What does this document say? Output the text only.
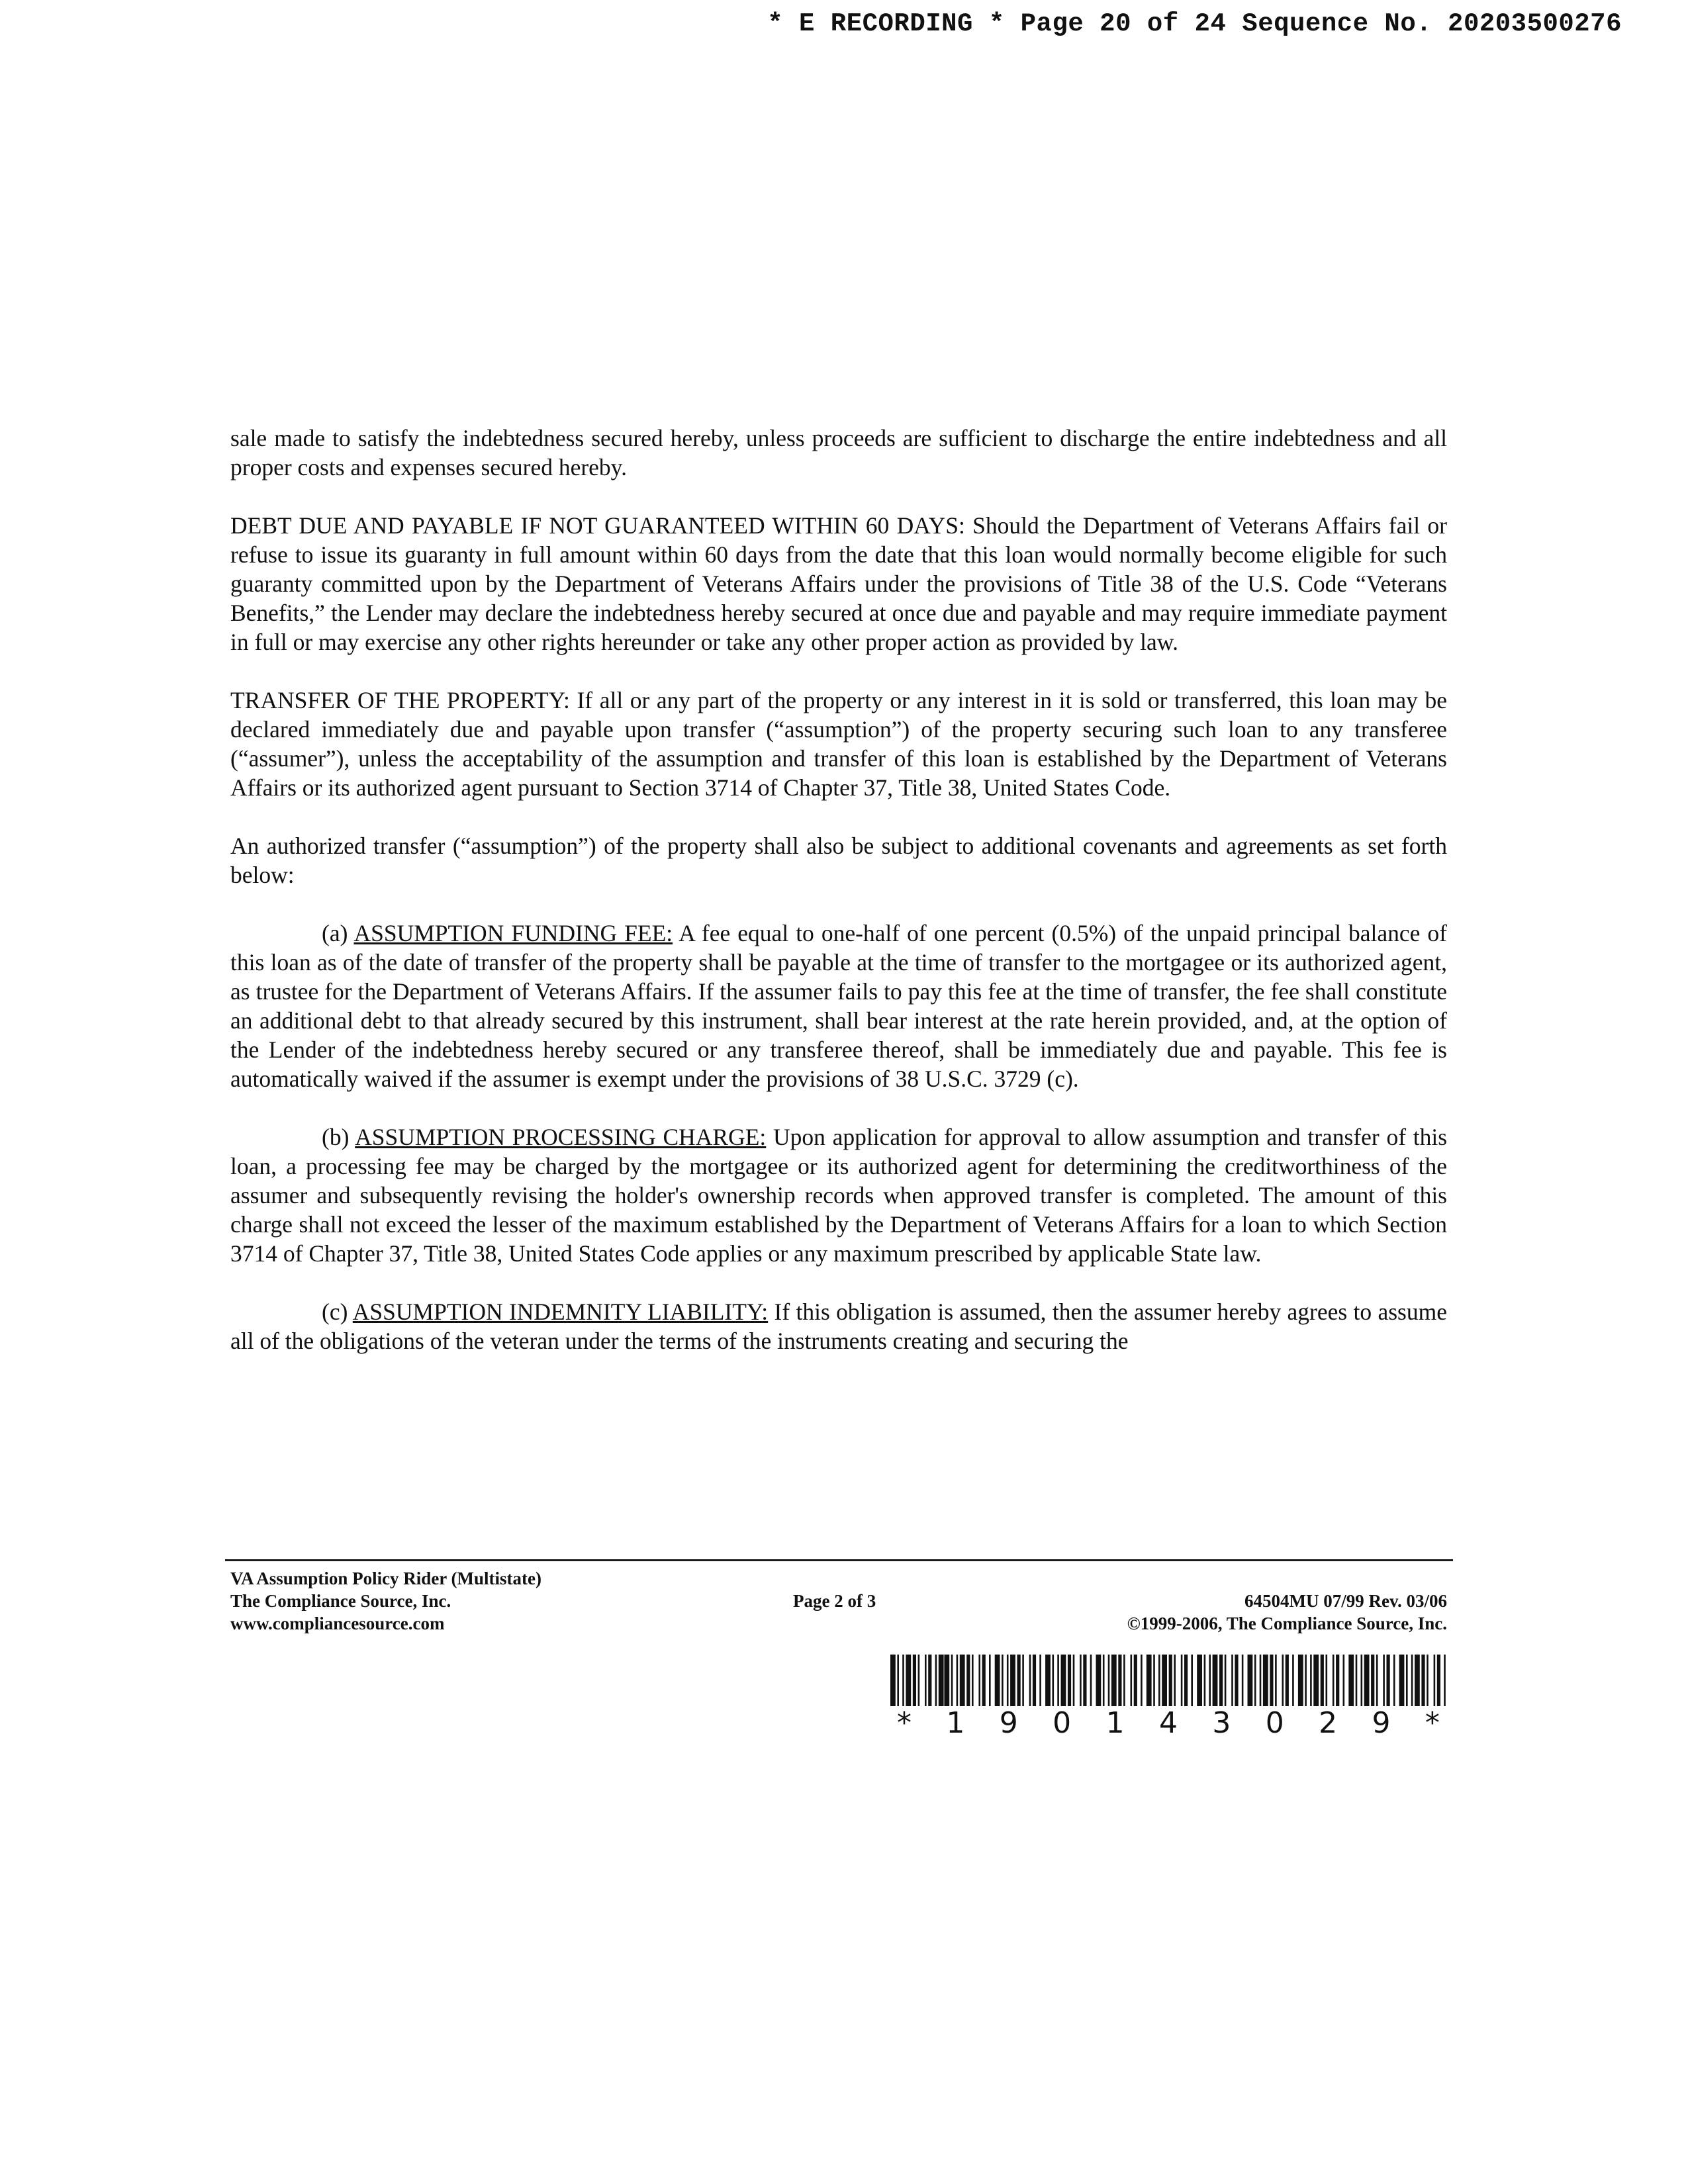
* E RECORDING * Page 20 of 24 Sequence No. 20203500276

sale made to satisfy the indebtedness secured hereby, unless proceeds are sufficient to discharge the entire indebtedness and all proper costs and expenses secured hereby.

DEBT DUE AND PAYABLE IF NOT GUARANTEED WITHIN 60 DAYS: Should the Department of Veterans Affairs fail or refuse to issue its guaranty in full amount within 60 days from the date that this loan would normally become eligible for such guaranty committed upon by the Department of Veterans Affairs under the provisions of Title 38 of the U.S. Code “Veterans Benefits,” the Lender may declare the indebtedness hereby secured at once due and payable and may require immediate payment in full or may exercise any other rights hereunder or take any other proper action as provided by law.

TRANSFER OF THE PROPERTY: If all or any part of the property or any interest in it is sold or transferred, this loan may be declared immediately due and payable upon transfer (“assumption”) of the property securing such loan to any transferee (“assumer”), unless the acceptability of the assumption and transfer of this loan is established by the Department of Veterans Affairs or its authorized agent pursuant to Section 3714 of Chapter 37, Title 38, United States Code.

An authorized transfer (“assumption”) of the property shall also be subject to additional covenants and agreements as set forth below:

(a) ASSUMPTION FUNDING FEE: A fee equal to one-half of one percent (0.5%) of the unpaid principal balance of this loan as of the date of transfer of the property shall be payable at the time of transfer to the mortgagee or its authorized agent, as trustee for the Department of Veterans Affairs. If the assumer fails to pay this fee at the time of transfer, the fee shall constitute an additional debt to that already secured by this instrument, shall bear interest at the rate herein provided, and, at the option of the Lender of the indebtedness hereby secured or any transferee thereof, shall be immediately due and payable. This fee is automatically waived if the assumer is exempt under the provisions of 38 U.S.C. 3729 (c).

(b) ASSUMPTION PROCESSING CHARGE: Upon application for approval to allow assumption and transfer of this loan, a processing fee may be charged by the mortgagee or its authorized agent for determining the creditworthiness of the assumer and subsequently revising the holder's ownership records when approved transfer is completed. The amount of this charge shall not exceed the lesser of the maximum established by the Department of Veterans Affairs for a loan to which Section 3714 of Chapter 37, Title 38, United States Code applies or any maximum prescribed by applicable State law.

(c) ASSUMPTION INDEMNITY LIABILITY: If this obligation is assumed, then the assumer hereby agrees to assume all of the obligations of the veteran under the terms of the instruments creating and securing the

VA Assumption Policy Rider (Multistate)
The Compliance Source, Inc.
www.compliancesource.com
Page 2 of 3	64504MU 07/99 Rev. 03/06
©1999-2006, The Compliance Source, Inc.
* 1 9 0 1 4 3 0 2 9 *
